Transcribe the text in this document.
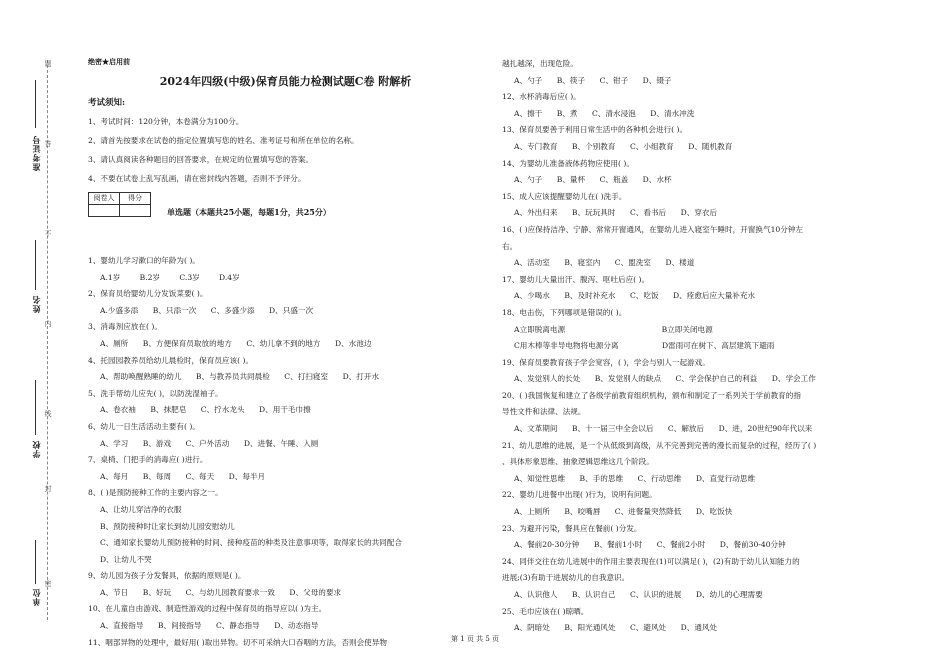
准考证号
姓名
学校
单位
题
答
不
内
线
封
密
绝密★启用前
2024年四级(中级)保育员能力检测试题C卷 附解析
考试须知:
1、考试时间：120分钟，本卷满分为100分。
2、请首先按要求在试卷的指定位置填写您的姓名、准考证号和所在单位的名称。
3、请认真阅读各种题目的回答要求，在规定的位置填写您的答案。
4、不要在试卷上乱写乱画，请在密封线内答题，否则不予评分。
阅卷人	得分

单选题（本题共25小题，每题1分，共25分）
1、婴幼儿学习漱口的年龄为( )。
A.1岁        B.2岁        C.3岁        D.4岁
2、保育员给婴幼儿分发饭菜要( )。
A.少盛多添      B、只添一次      C、多盛少添      D、只盛一次
3、消毒剂应放在( )。
A、厕所      B、方便保育员取放的地方      C、幼儿拿不到的地方      D、水池边
4、托园园教养员给幼儿晨检时，保育员应该( )。
A、帮助唤醒熟睡的幼儿      B、与教养员共同晨检      C、打扫寝室      D、打开水
5、洗手帮幼儿应先( )，以防洗湿袖子。
A、卷衣袖      B、抹肥皂      C、拧水龙头      D、用干毛巾擦
6、幼儿一日生活活动主要有( )。
A、学习      B、游戏      C、户外活动      D、进餐、午睡、入厕
7、桌椅、门把手的消毒应( )进行。
A、每月      B、每周      C、每天      D、每半月
8、( )是预防接种工作的主要内容之一。
A、让幼儿穿洁净的衣服
B、预防接种时让家长到幼儿园安慰幼儿
C、通知家长婴幼儿预防接种的时间、接种疫苗的种类及注意事项等，取得家长的共同配合
D、让幼儿不哭
9、幼儿园为孩子分发餐具，依据的原则是( )。
A、节日      B、好玩      C、与幼儿园教育要求一致      D、父母的要求
10、在儿童自由游戏、制造性游戏的过程中保育员的指导应以( )为主。
A、直接指导      B、间接指导      C、静态指导      D、动态指导
11、咽部异物的处理中，最好用( )取出异物。切不可采纳大口吞咽的方法，否则会使异物
越扎越深，出现危险。
A、勺子      B、筷子      C、钳子      D、镊子
12、水杯消毒后应( )。
A、擦干      B、煮      C、清水浸泡      D、清水冲洗
13、保育员要善于利用日常生活中的各种机会进行( )。
A、专门教育      B、个别教育      C、小组教育      D、随机教育
14、为婴幼儿准备液体药物应使用( )。
A、勺子      B、量杯      C、瓶盖      D、水杯
15、成人应该提醒婴幼儿在( )洗手。
A、外出归来      B、玩玩具时      C、看书后      D、穿衣后
16、( )应保持洁净、宁静、常常开窗通风，在婴幼儿进入寝室午睡时，开窗换气10分钟左
右。
A、活动室      B、寝室内      C、盥洗室      D、楼道
17、婴幼儿大量出汗、腹泻、呕吐后应( )。
A、少喝水      B、及时补充水      C、吃饭      D、痊愈后应大量补充水
18、电击伤，下列哪项是错误的( )。
A立即脱离电源                                        B立即关闭电源
C用木棒等非导电物将电源分离                  D雷雨可在树下、高层建筑下避雨
19、保育员要教育孩子学会宽容，( )，学会与别人一起游戏。
A、发觉别人的长处      B、发觉别人的缺点      C、学会保护自己的利益      D、学会工作
20、( )我国恢复和建立了各级学前教育组织机构，颁布和制定了一系列关于学前教育的指
导性文件和法律、法规。
A、文革期间      B、十一届三中全会以后      C、解放后      D、进，20世纪90年代以来
21、幼儿思维的进展，是一个从低级到高级，从不完善到完善的漫长而复杂的过程，经历了( )
、具体形象思维、抽象逻辑思维这几个阶段。
A、知觉性思维      B、手的思维      C、行动思维      D、直觉行动思维
22、婴幼儿进餐中出现( )行为，说明有问题。
A、上厕所      B、咬嘴唇      C、进餐量突然降低      D、吃饭快
23、为避开污染，餐具应在餐前( )分发。
A、餐前20-30分钟      B、餐前1小时      C、餐前2小时      D、餐前30-40分钟
24、同伴交往在幼儿进展中的作用主要表现在(1)可以满足( )，(2)有助于幼儿认知能力的
进展;(3)有助于进展幼儿的自我意识。
A、认识他人      B、认识自己      C、认识的进展      D、幼儿的心理需要
25、毛巾应该在( )晾晒。
A、阴暗处      B、阳光通风处      C、避风处      D、通风处
第 1 页 共 5 页
